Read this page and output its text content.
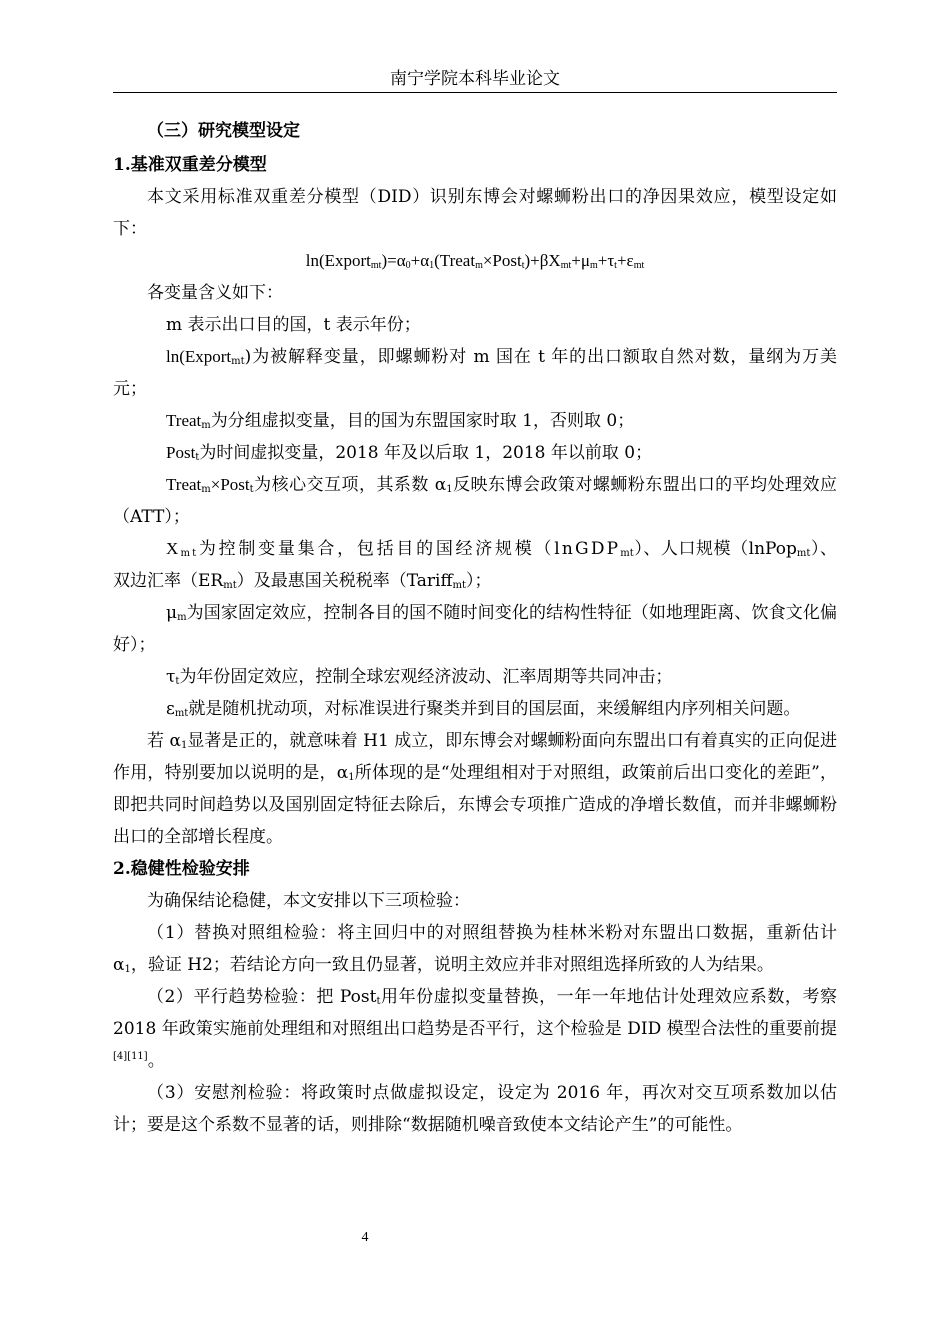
南宁学院本科毕业论文
（三）研究模型设定
1.基准双重差分模型

本文采用标准双重差分模型（DID）识别东博会对螺蛳粉出口的净因果效应，模型设定如下：

$\ln(Export_{mt})=\alpha_0+\alpha_1(Treat_m\times Post_t)+\beta X_{mt}+\mu_m+\tau_t+\varepsilon_{mt}$

各变量含义如下：

m 表示出口目的国，t 表示年份；

ln(Export$_{mt}$)为被解释变量，即螺蛳粉对 m 国在 t 年的出口额取自然对数，量纲为万美元；

Treat$_m$为分组虚拟变量，目的国为东盟国家时取 1，否则取 0；

Post$_t$为时间虚拟变量，2018 年及以后取 1，2018 年以前取 0；

Treat$_m$×Post$_t$为核心交互项，其系数 $\alpha_1$反映东博会政策对螺蛳粉东盟出口的平均处理效应（ATT）；

$X_{mt}$为控制变量集合，包括目的国经济规模（lnGDP$_{mt}$）、人口规模（lnPop$_{mt}$）、双边汇率$(ER_{mt})$及最惠国关税税率（Tariff$_{mt}$）；

$\mu_m$为国家固定效应，控制各目的国不随时间变化的结构性特征（如地理距离、饮食文化偏好）；

$\tau_t$为年份固定效应，控制全球宏观经济波动、汇率周期等共同冲击；

$\varepsilon_{mt}$就是随机扰动项，对标准误进行聚类并到目的国层面，来缓解组内序列相关问题。

若 $\alpha_1$显著是正的，就意味着 H1 成立，即东博会对螺蛳粉面向东盟出口有着真实的正向促进作用，特别要加以说明的是，$\alpha_1$所体现的是“处理组相对于对照组，政策前后出口变化的差距”，即把共同时间趋势以及国别固定特征去除后，东博会专项推广造成的净增长数值，而并非螺蛳粉出口的全部增长程度。

2.稳健性检验安排

为确保结论稳健，本文安排以下三项检验：

（1）替换对照组检验：将主回归中的对照组替换为桂林米粉对东盟出口数据，重新估计 $\alpha_1$，验证 H2；若结论方向一致且仍显著，说明主效应并非对照组选择所致的人为结果。

（2）平行趋势检验：把 Post$_t$用年份虚拟变量替换，一年一年地估计处理效应系数，考察 2018 年政策实施前处理组和对照组出口趋势是否平行，这个检验是 DID 模型合法性的重要前提[4][11]。

（3）安慰剂检验：将政策时点做虚拟设定，设定为 2016 年，再次对交互项系数加以估计；要是这个系数不显著的话，则排除“数据随机噪音致使本文结论产生”的可能性。

4
